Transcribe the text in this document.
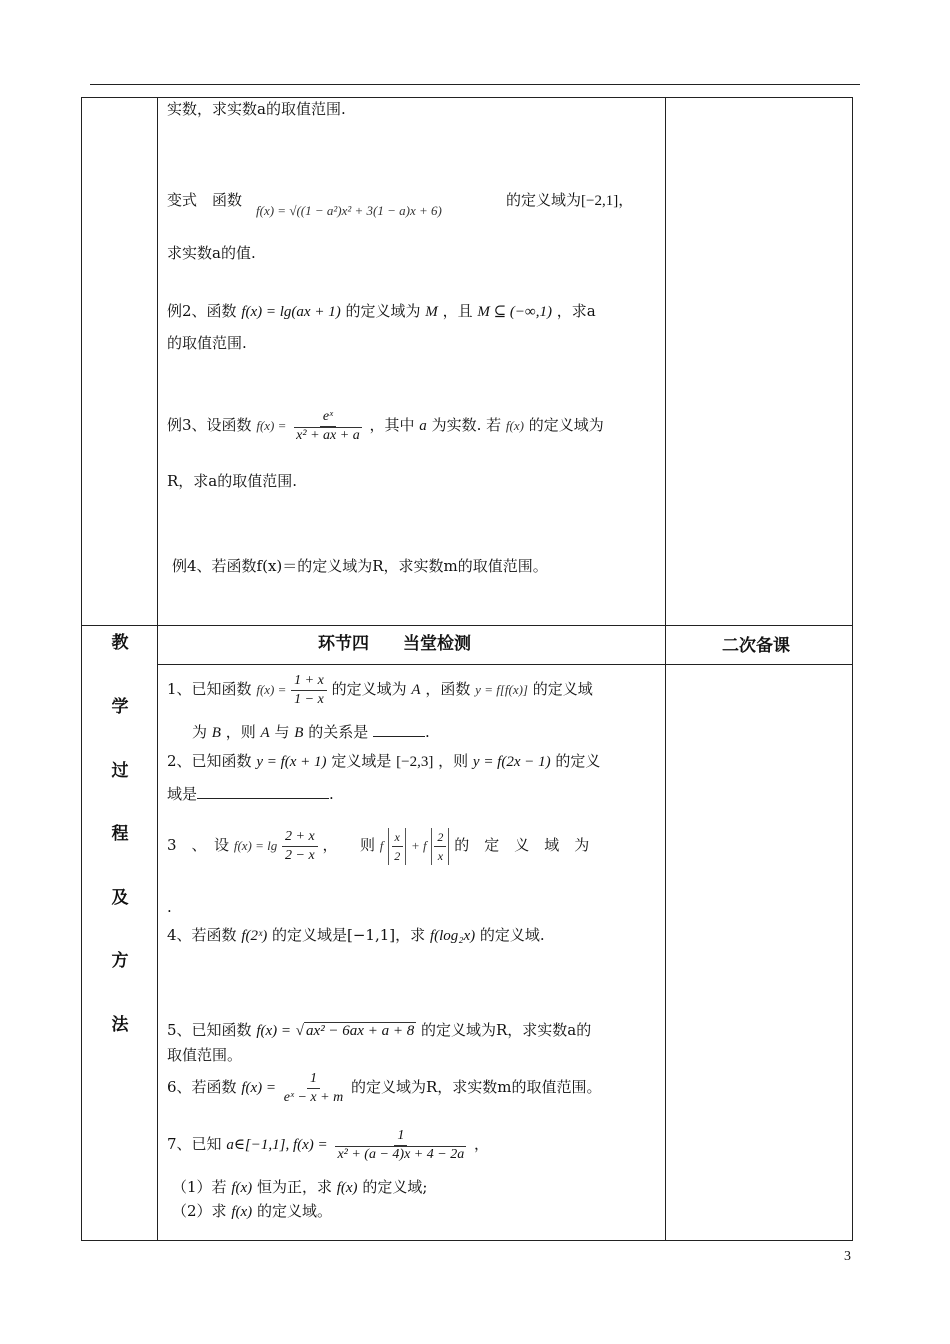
实数，求实数a的取值范围.
变式　 函数
f(x) = √((1 − a²)x² + 3(1 − a)x + 6)
的定义域为[−2,1]，
求实数a的值.
例2、函数 f(x) = lg(ax + 1) 的定义域为 M ，且 M ⊆ (−∞,1) ，求a
的取值范围.
例3、设函数 $f(x) = \frac{\text{eˣ}}{\text{x² + ax + a}}$ ，其中 a 为实数. 若 f(x) 的定义域为
R，求a的取值范围.
例4、若函数f(x)＝的定义域为R，求实数m的取值范围。
环节四　　当堂检测	二次备课
教
学
过
程
及
方
法
1、已知函数 $f(x) = \frac{1 + x}{1 - x}$ 的定义域为 A ，函数 y = f[f(x)] 的定义域
为 B ，则 A 与 B 的关系是	.
2、已知函数 y = f(x + 1) 定义域是 [−2,3] ，则 y = f(2x − 1) 的定义
域是	.
3　、　设 $f(x) = \lg \frac{2 + x}{2 - x}$ ，　　则 f $\frac{x}{2} + f \frac{2}{x}$ 的　定　义　域　为
.
4、若函数 f(2ˣ) 的定义域是[−1,1]，求 f(log₂x) 的定义域.
5、已知函数 f(x) = √ ax² − 6ax + a + 8 的定义域为R，求实数a的
取值范围。
6、若函数 $f(x) = \frac{1}{\text{eˣ − x + m}}$ 的定义域为R，求实数m的取值范围。
7、已知 a∈[−1,1], $f(x) = \frac{1}{\text{x² + (a − 4)x + 4 − 2a}}$ ，
（1）若 f(x) 恒为正，求 f(x) 的定义域;
（2）求 f(x) 的定义域。
3
